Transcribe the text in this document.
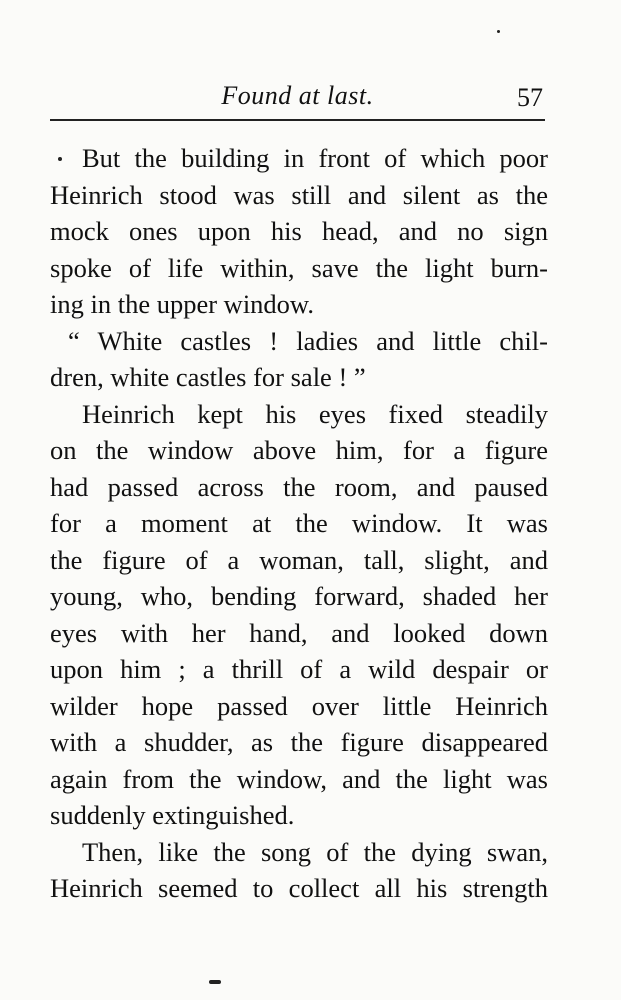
Found at last.	57

But the building in front of which poor
Heinrich stood was still and silent as the
mock ones upon his head, and no sign
spoke of life within, save the light burn-
ing in the upper window.

“ White castles ! ladies and little chil-
dren, white castles for sale ! ”

Heinrich kept his eyes fixed steadily
on the window above him, for a figure
had passed across the room, and paused
for a moment at the window. It was
the figure of a woman, tall, slight, and
young, who, bending forward, shaded her
eyes with her hand, and looked down
upon him ; a thrill of a wild despair or
wilder hope passed over little Heinrich
with a shudder, as the figure disappeared
again from the window, and the light was
suddenly extinguished.

Then, like the song of the dying swan,
Heinrich seemed to collect all his strength
